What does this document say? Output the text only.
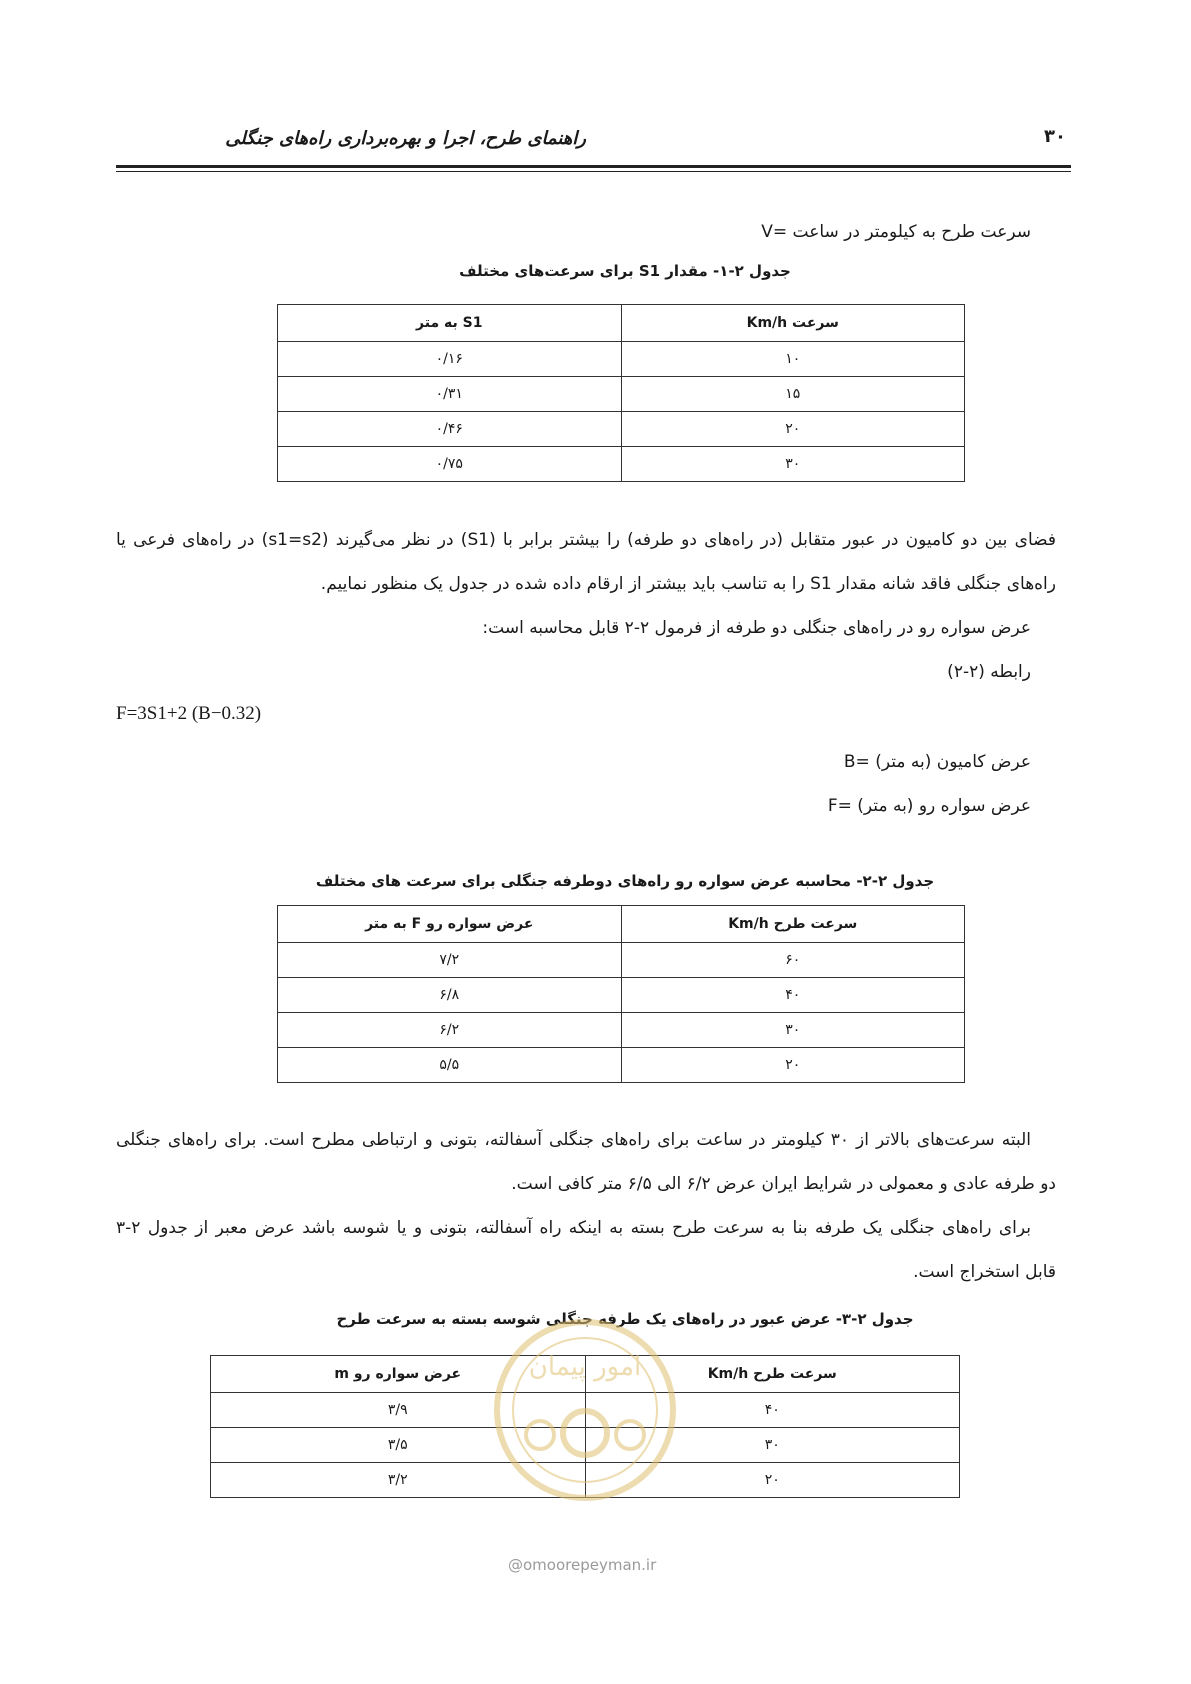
راهنمای طرح، اجرا و بهره‌برداری راه‌های جنگلی	۳۰
V= سرعت طرح به کیلومتر در ساعت
جدول ۲-۱- مقدار S1 برای سرعت‌های مختلف
سرعت Km/h	S1 به متر
۱۰	۰/۱۶
۱۵	۰/۳۱
۲۰	۰/۴۶
۳۰	۰/۷۵
فضای بین دو کامیون در عبور متقابل (در راه‌های دو طرفه) را بیشتر برابر با (S1) در نظر می‌گیرند (s1=s2) در راه‌های فرعی یا
راه‌های جنگلی فاقد شانه مقدار S1 را به تناسب باید بیشتر از ارقام داده شده در جدول یک منظور نماییم.
عرض سواره رو در راه‌های جنگلی دو طرفه از فرمول ۲-۲ قابل محاسبه است:
رابطه (۲-۲)
F=3S1+2 (B−0.32)
B= عرض کامیون (به متر)
F= عرض سواره رو (به متر)
جدول ۲-۲- محاسبه عرض سواره رو راه‌های دوطرفه جنگلی برای سرعت های مختلف
سرعت طرح Km/h	عرض سواره رو F به متر
۶۰	۷/۲
۴۰	۶/۸
۳۰	۶/۲
۲۰	۵/۵
البته سرعت‌های بالاتر از ۳۰ کیلومتر در ساعت برای راه‌های جنگلی آسفالته، بتونی و ارتباطی مطرح است. برای راه‌های جنگلی
دو طرفه عادی و معمولی در شرایط ایران عرض ۶/۲ الی ۶/۵ متر کافی است.
برای راه‌های جنگلی یک طرفه بنا به سرعت طرح بسته به اینکه راه آسفالته، بتونی و یا شوسه باشد عرض معبر از جدول ۲-۳
قابل استخراج است.
جدول ۲-۳- عرض عبور در راه‌های یک طرفه جنگلی شوسه بسته به سرعت طرح
سرعت طرح Km/h	عرض سواره رو m
۴۰	۳/۹
۳۰	۳/۵
۲۰	۳/۲
امور پیمان
@omoorepeyman.ir
